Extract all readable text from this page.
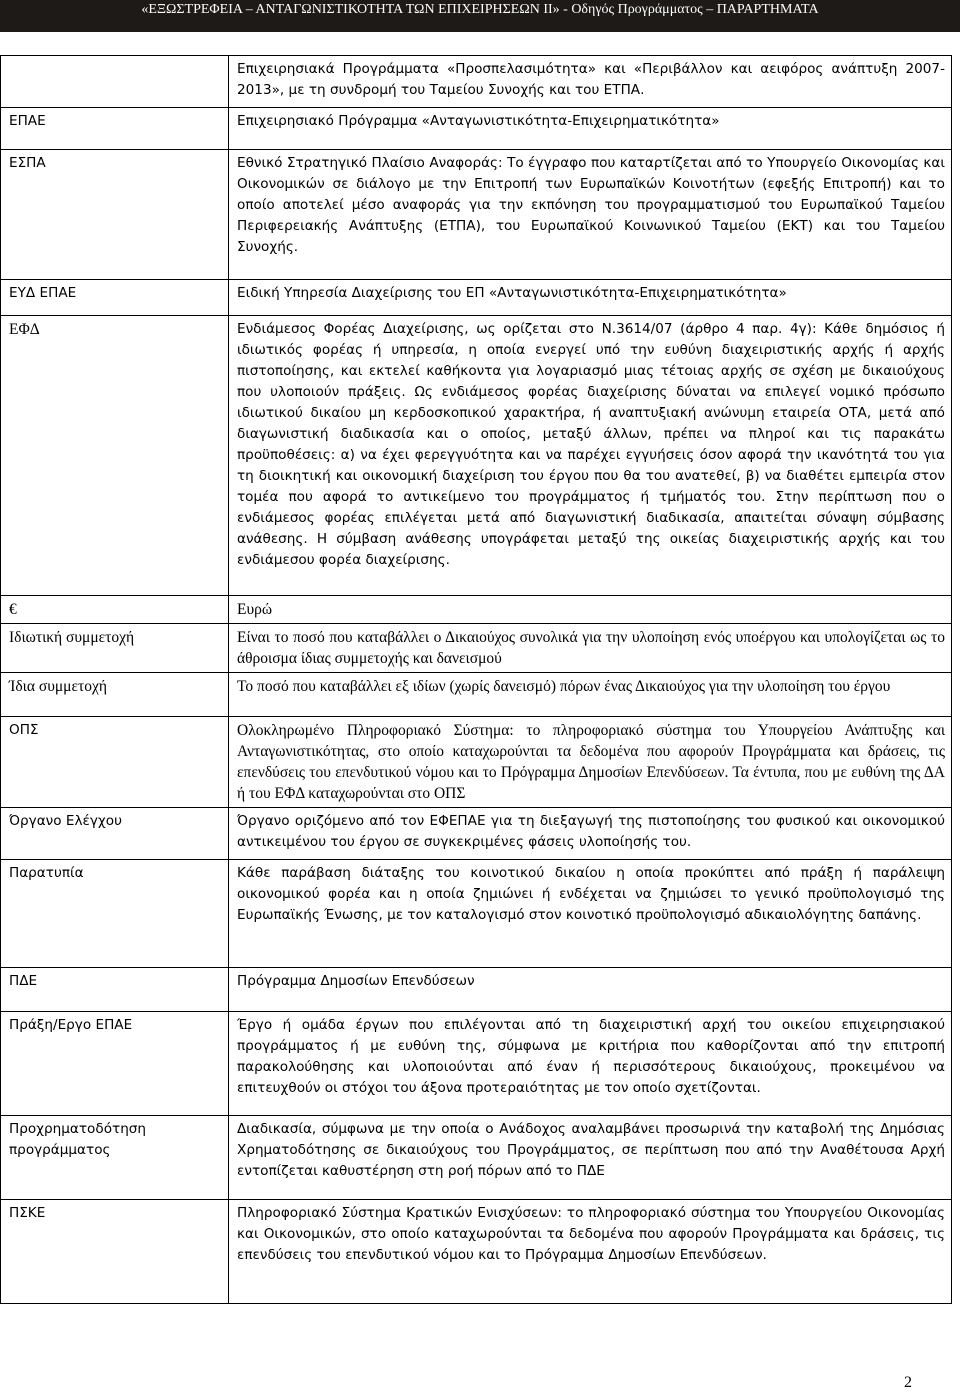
«ΕΞΩΣΤΡΕΦΕΙΑ – ΑΝΤΑΓΩΝΙΣΤΙΚΟΤΗΤΑ ΤΩΝ ΕΠΙΧΕΙΡΗΣΕΩΝ ΙΙ» - Οδηγός Προγράμματος – ΠΑΡΑΡΤΗΜΑΤΑ
	Επιχειρησιακά Προγράμματα «Προσπελασιμότητα» και «Περιβάλλον και αειφόρος ανάπτυξη 2007-2013», με τη συνδρομή του Ταμείου Συνοχής και του ΕΤΠΑ.
ΕΠΑΕ	Επιχειρησιακό Πρόγραμμα «Ανταγωνιστικότητα-Επιχειρηματικότητα»
ΕΣΠΑ	Εθνικό Στρατηγικό Πλαίσιο Αναφοράς: Το έγγραφο που καταρτίζεται από το Υπουργείο Οικονομίας και Οικονομικών σε διάλογο με την Επιτροπή των Ευρωπαϊκών Κοινοτήτων (εφεξής Επιτροπή) και το οποίο αποτελεί μέσο αναφοράς για την εκπόνηση του προγραμματισμού του Ευρωπαϊκού Ταμείου Περιφερειακής Ανάπτυξης (ΕΤΠΑ), του Ευρωπαϊκού Κοινωνικού Ταμείου (ΕΚΤ) και του Ταμείου Συνοχής.
ΕΥΔ ΕΠΑΕ	Ειδική Υπηρεσία Διαχείρισης του ΕΠ «Ανταγωνιστικότητα-Επιχειρηματικότητα»
ΕΦΔ	Ενδιάμεσος Φορέας Διαχείρισης, ως ορίζεται στο Ν.3614/07 (άρθρο 4 παρ. 4γ): Κάθε δημόσιος ή ιδιωτικός φορέας ή υπηρεσία, η οποία ενεργεί υπό την ευθύνη διαχειριστικής αρχής ή αρχής πιστοποίησης, και εκτελεί καθήκοντα για λογαριασμό μιας τέτοιας αρχής σε σχέση με δικαιούχους που υλοποιούν πράξεις. Ως ενδιάμεσος φορέας διαχείρισης δύναται να επιλεγεί νομικό πρόσωπο ιδιωτικού δικαίου μη κερδοσκοπικού χαρακτήρα, ή αναπτυξιακή ανώνυμη εταιρεία ΟΤΑ, μετά από διαγωνιστική διαδικασία και ο οποίος, μεταξύ άλλων, πρέπει να πληροί και τις παρακάτω προϋποθέσεις: α) να έχει φερεγγυότητα και να παρέχει εγγυήσεις όσον αφορά την ικανότητά του για τη διοικητική και οικονομική διαχείριση του έργου που θα του ανατεθεί, β) να διαθέτει εμπειρία στον τομέα που αφορά το αντικείμενο του προγράμματος ή τμήματός του. Στην περίπτωση που ο ενδιάμεσος φορέας επιλέγεται μετά από διαγωνιστική διαδικασία, απαιτείται σύναψη σύμβασης ανάθεσης. Η σύμβαση ανάθεσης υπογράφεται μεταξύ της οικείας διαχειριστικής αρχής και του ενδιάμεσου φορέα διαχείρισης.
€	Ευρώ
Ιδιωτική συμμετοχή	Είναι το ποσό που καταβάλλει ο Δικαιούχος συνολικά για την υλοποίηση ενός υποέργου και υπολογίζεται ως το άθροισμα ίδιας συμμετοχής και δανεισμού
Ίδια συμμετοχή	Το ποσό που καταβάλλει εξ ιδίων (χωρίς δανεισμό) πόρων ένας Δικαιούχος για την υλοποίηση του έργου
ΟΠΣ	Ολοκληρωμένο Πληροφοριακό Σύστημα: το πληροφοριακό σύστημα του Υπουργείου Ανάπτυξης και Ανταγωνιστικότητας, στο οποίο καταχωρούνται τα δεδομένα που αφορούν Προγράμματα και δράσεις, τις επενδύσεις του επενδυτικού νόμου και το Πρόγραμμα Δημοσίων Επενδύσεων. Τα έντυπα, που με ευθύνη της ΔΑ ή του ΕΦΔ καταχωρούνται στο ΟΠΣ
Όργανο Ελέγχου	Όργανο οριζόμενο από τον ΕΦΕΠΑΕ για τη διεξαγωγή της πιστοποίησης του φυσικού και οικονομικού αντικειμένου του έργου σε συγκεκριμένες φάσεις υλοποίησής του.
Παρατυπία	Κάθε παράβαση διάταξης του κοινοτικού δικαίου η οποία προκύπτει από πράξη ή παράλειψη οικονομικού φορέα και η οποία ζημιώνει ή ενδέχεται να ζημιώσει το γενικό προϋπολογισμό της Ευρωπαϊκής Ένωσης, με τον καταλογισμό στον κοινοτικό προϋπολογισμό αδικαιολόγητης δαπάνης.
ΠΔΕ	Πρόγραμμα Δημοσίων Επενδύσεων
Πράξη/Εργο ΕΠΑΕ	Έργο ή ομάδα έργων που επιλέγονται από τη διαχειριστική αρχή του οικείου επιχειρησιακού προγράμματος ή με ευθύνη της, σύμφωνα με κριτήρια που καθορίζονται από την επιτροπή παρακολούθησης και υλοποιούνται από έναν ή περισσότερους δικαιούχους, προκειμένου να επιτευχθούν οι στόχοι του άξονα προτεραιότητας με τον οποίο σχετίζονται.
Προχρηματοδότηση προγράμματος	Διαδικασία, σύμφωνα με την οποία ο Ανάδοχος αναλαμβάνει προσωρινά την καταβολή της Δημόσιας Χρηματοδότησης σε δικαιούχους του Προγράμματος, σε περίπτωση που από την Αναθέτουσα Αρχή εντοπίζεται καθυστέρηση στη ροή πόρων από το ΠΔΕ
ΠΣΚΕ	Πληροφοριακό Σύστημα Κρατικών Ενισχύσεων: το πληροφοριακό σύστημα του Υπουργείου Οικονομίας και Οικονομικών, στο οποίο καταχωρούνται τα δεδομένα που αφορούν Προγράμματα και δράσεις, τις επενδύσεις του επενδυτικού νόμου και το Πρόγραμμα Δημοσίων Επενδύσεων.
2
